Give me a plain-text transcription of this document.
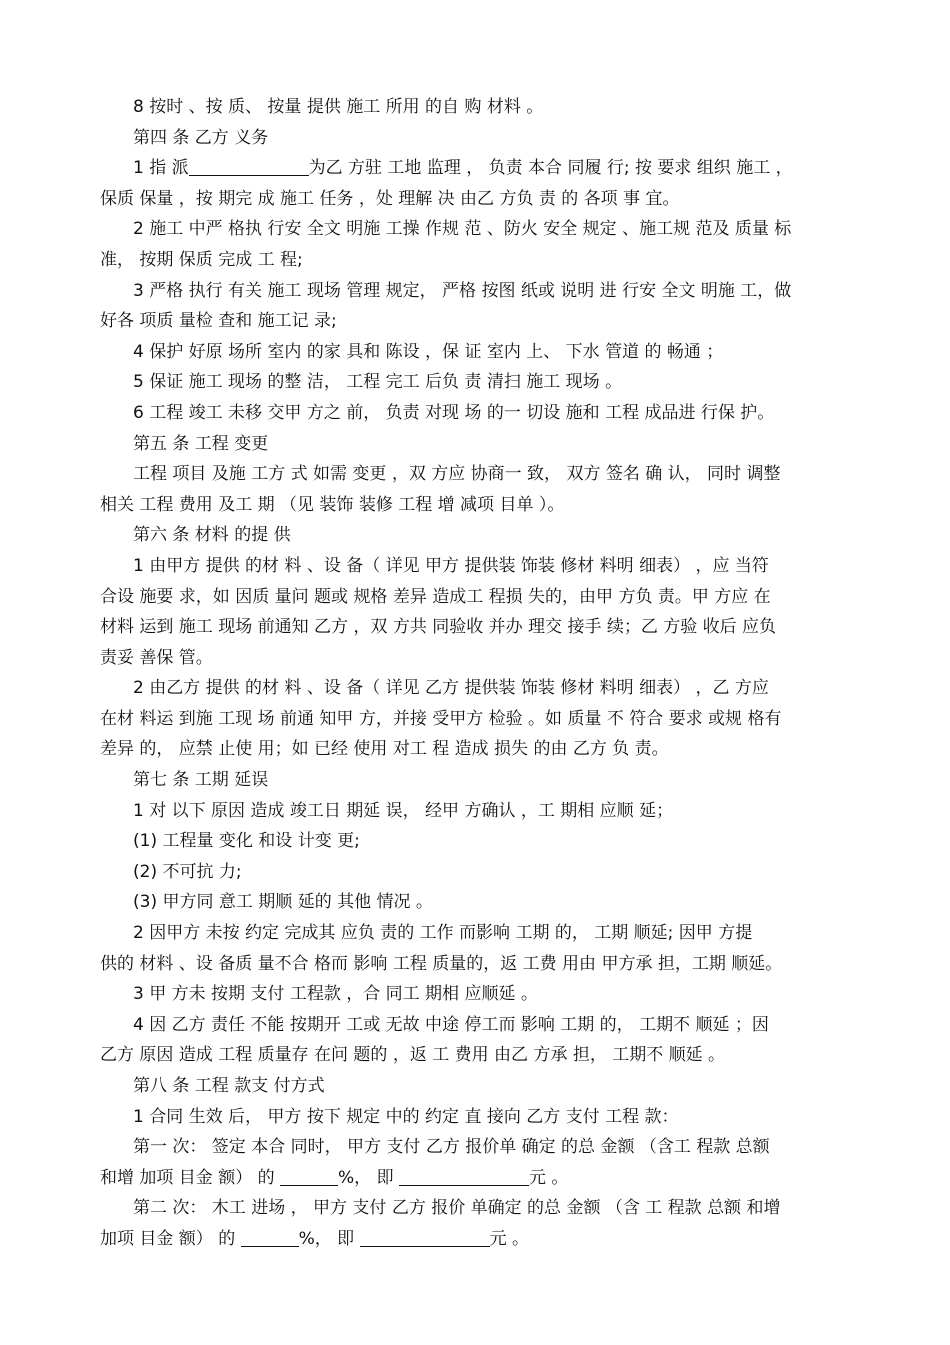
8 按时 、按 质、 按量 提供 施工 所用 的自 购 材料 。
第四 条 乙方 义务
1 指 派	为乙 方驻 工地 监理 ， 负责 本合 同履 行; 按 要求 组织 施工 ，
保质 保量 ，按 期完 成 施工 任务 ，处 理解 决 由乙 方负 责 的 各项 事 宜。
2 施工 中严 格执 行安 全文 明施 工操 作规 范 、防火 安全 规定 、施工规 范及 质量 标
准， 按期 保质 完成 工 程;
3 严格 执行 有关 施工 现场 管理 规定， 严格 按图 纸或 说明 进 行安 全文 明施 工，做
好各 项质 量检 查和 施工记 录;
4 保护 好原 场所 室内 的家 具和 陈设 ，保 证 室内 上、 下水 管道 的 畅通 ；
5 保证 施工 现场 的整 洁， 工程 完工 后负 责 清扫 施工 现场 。
6 工程 竣工 未移 交甲 方之 前， 负责 对现 场 的一 切设 施和 工程 成品进 行保 护。
第五 条 工程 变更
工程 项目 及施 工方 式 如需 变更 ，双 方应 协商一 致， 双方 签名 确 认， 同时 调整
相关 工程 费用 及工 期 （见 装饰 装修 工程 增 减项 目单 ）。
第六 条 材料 的提 供
1 由甲方 提供 的材 料 、设 备（ 详见 甲方 提供装 饰装 修材 料明 细表） ，应 当符
合设 施要 求，如 因质 量问 题或 规格 差异 造成工 程损 失的，由甲 方负 责。甲 方应 在
材料 运到 施工 现场 前通知 乙方 ，双 方共 同验收 并办 理交 接手 续；乙 方验 收后 应负
责妥 善保 管。
2 由乙方 提供 的材 料 、设 备（ 详见 乙方 提供装 饰装 修材 料明 细表） ，乙 方应
在材 料运 到施 工现 场 前通 知甲 方，并接 受甲方 检验 。如 质量 不 符合 要求 或规 格有
差异 的， 应禁 止使 用；如 已经 使用 对工 程 造成 损失 的由 乙方 负 责。
第七 条 工期 延误
1 对 以下 原因 造成 竣工日 期延 误， 经甲 方确认 ，工 期相 应顺 延；
(1) 工程量 变化 和设 计变 更;
(2) 不可抗 力;
(3) 甲方同 意工 期顺 延的 其他 情况 。
2 因甲方 未按 约定 完成其 应负 责的 工作 而影响 工期 的， 工期 顺延; 因甲 方提
供的 材料 、设 备质 量不合 格而 影响 工程 质量的，返 工费 用由 甲方承 担，工期 顺延。
3 甲 方未 按期 支付 工程款 ，合 同工 期相 应顺延 。
4 因 乙方 责任 不能 按期开 工或 无故 中途 停工而 影响 工期 的， 工期不 顺延 ；因
乙方 原因 造成 工程 质量存 在问 题的 ，返 工 费用 由乙 方承 担， 工期不 顺延 。
第八 条 工程 款支 付方式
1 合同 生效 后， 甲方 按下 规定 中的 约定 直 接向 乙方 支付 工程 款：
第一 次： 签定 本合 同时， 甲方 支付 乙方 报价单 确定 的总 金额 （含工 程款 总额
和增 加项 目金 额） 的	%， 即	元 。
第二 次： 木工 进场 ， 甲方 支付 乙方 报价 单确定 的总 金额 （含 工 程款 总额 和增
加项 目金 额） 的	%， 即	元 。
